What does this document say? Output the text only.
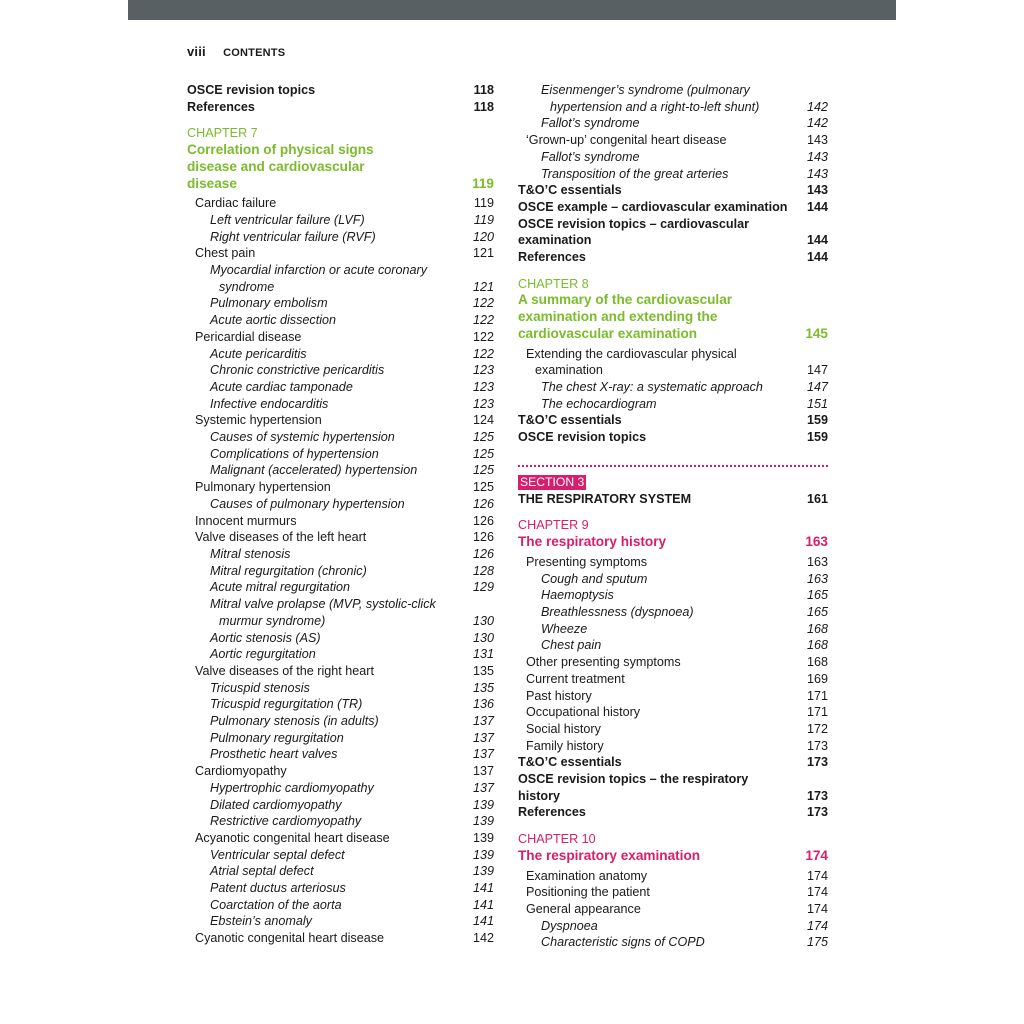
viii CONTENTS
OSCE revision topics	118
References	118
CHAPTER 7
Correlation of physical signs
disease and cardiovascular
disease	119
Cardiac failure	119
Left ventricular failure (LVF)	119
Right ventricular failure (RVF)	120
Chest pain	121
Myocardial infarction or acute coronary
syndrome	121
Pulmonary embolism	122
Acute aortic dissection	122
Pericardial disease	122
Acute pericarditis	122
Chronic constrictive pericarditis	123
Acute cardiac tamponade	123
Infective endocarditis	123
Systemic hypertension	124
Causes of systemic hypertension	125
Complications of hypertension	125
Malignant (accelerated) hypertension	125
Pulmonary hypertension	125
Causes of pulmonary hypertension	126
Innocent murmurs	126
Valve diseases of the left heart	126
Mitral stenosis	126
Mitral regurgitation (chronic)	128
Acute mitral regurgitation	129
Mitral valve prolapse (MVP, systolic-click
murmur syndrome)	130
Aortic stenosis (AS)	130
Aortic regurgitation	131
Valve diseases of the right heart	135
Tricuspid stenosis	135
Tricuspid regurgitation (TR)	136
Pulmonary stenosis (in adults)	137
Pulmonary regurgitation	137
Prosthetic heart valves	137
Cardiomyopathy	137
Hypertrophic cardiomyopathy	137
Dilated cardiomyopathy	139
Restrictive cardiomyopathy	139
Acyanotic congenital heart disease	139
Ventricular septal defect	139
Atrial septal defect	139
Patent ductus arteriosus	141
Coarctation of the aorta	141
Ebstein’s anomaly	141
Cyanotic congenital heart disease	142
Eisenmenger’s syndrome (pulmonary
hypertension and a right-to-left shunt)	142
Fallot’s syndrome	142
‘Grown-up’ congenital heart disease	143
Fallot’s syndrome	143
Transposition of the great arteries	143
T&O’C essentials	143
OSCE example – cardiovascular examination 144
OSCE revision topics – cardiovascular
examination	144
References	144
CHAPTER 8
A summary of the cardiovascular
examination and extending the
cardiovascular examination	145
Extending the cardiovascular physical
examination	147
The chest X-ray: a systematic approach	147
The echocardiogram	151
T&O’C essentials	159
OSCE revision topics	159
SECTION 3
THE RESPIRATORY SYSTEM	161
CHAPTER 9
The respiratory history	163
Presenting symptoms	163
Cough and sputum	163
Haemoptysis	165
Breathlessness (dyspnoea)	165
Wheeze	168
Chest pain	168
Other presenting symptoms	168
Current treatment	169
Past history	171
Occupational history	171
Social history	172
Family history	173
T&O’C essentials	173
OSCE revision topics – the respiratory
history	173
References	173
CHAPTER 10
The respiratory examination	174
Examination anatomy	174
Positioning the patient	174
General appearance	174
Dyspnoea	174
Characteristic signs of COPD	175
